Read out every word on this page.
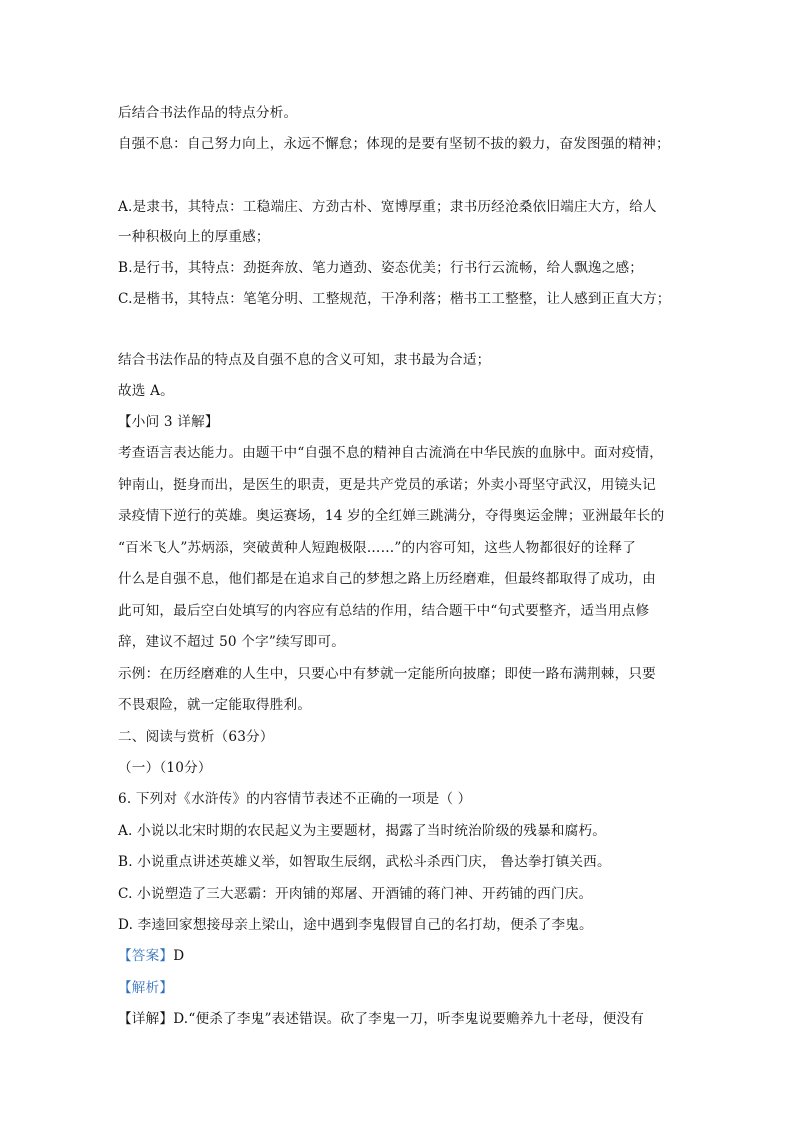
后结合书法作品的特点分析。
自强不息：自己努力向上，永远不懈怠；体现的是要有坚韧不拔的毅力，奋发图强的精神；
A.是隶书，其特点：工稳端庄、方劲古朴、宽博厚重；隶书历经沧桑依旧端庄大方，给人
一种积极向上的厚重感；
B.是行书，其特点：劲挺奔放、笔力遒劲、姿态优美；行书行云流畅，给人飘逸之感；
C.是楷书，其特点：笔笔分明、工整规范，干净利落；楷书工工整整，让人感到正直大方；
结合书法作品的特点及自强不息的含义可知，隶书最为合适；
故选 A。
【小问 3 详解】
考查语言表达能力。由题干中“自强不息的精神自古流淌在中华民族的血脉中。面对疫情，
钟南山，挺身而出，是医生的职责，更是共产党员的承诺；外卖小哥坚守武汉，用镜头记
录疫情下逆行的英雄。奥运赛场，14 岁的全红婵三跳满分，夺得奥运金牌；亚洲最年长的
“百米飞人”苏炳添，突破黄种人短跑极限……”的内容可知，这些人物都很好的诠释了
什么是自强不息，他们都是在追求自己的梦想之路上历经磨难，但最终都取得了成功，由
此可知，最后空白处填写的内容应有总结的作用，结合题干中“句式要整齐，适当用点修
辞，建议不超过 50 个字”续写即可。
示例：在历经磨难的人生中，只要心中有梦就一定能所向披靡；即使一路布满荆棘，只要
不畏艰险，就一定能取得胜利。
二、阅读与赏析（63分）
（一）（10分）
6. 下列对《水浒传》的内容情节表述不正确的一项是（ ）
A. 小说以北宋时期的农民起义为主要题材，揭露了当时统治阶级的残暴和腐朽。
B. 小说重点讲述英雄义举，如智取生辰纲，武松斗杀西门庆， 鲁达拳打镇关西。
C. 小说塑造了三大恶霸：开肉铺的郑屠、开酒铺的蒋门神、开药铺的西门庆。
D. 李逵回家想接母亲上梁山，途中遇到李鬼假冒自己的名打劫，便杀了李鬼。
【答案】D
【解析】
【详解】D.“便杀了李鬼”表述错误。砍了李鬼一刀，听李鬼说要赡养九十老母，便没有
